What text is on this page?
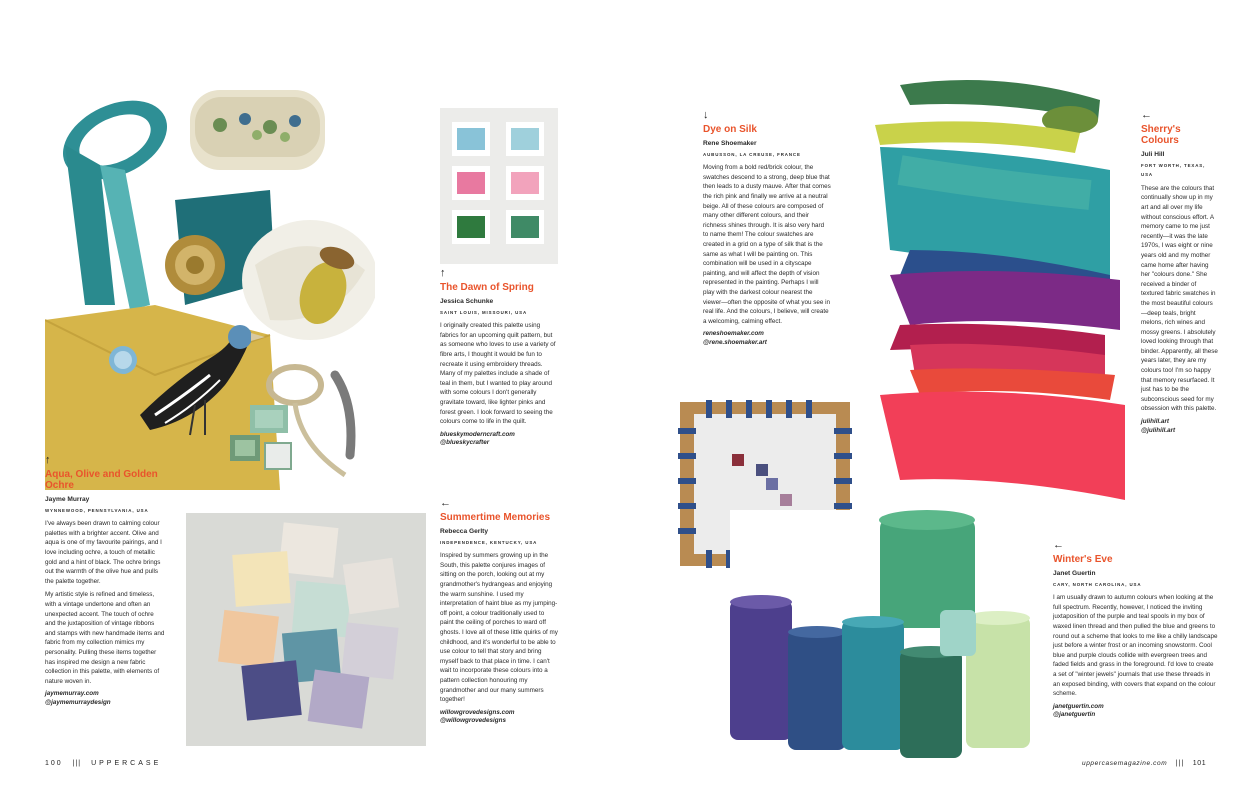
↑
Aqua, Olive and Golden Ochre
Jayme Murray
WYNNEWOOD, PENNSYLVANIA, USA

I've always been drawn to calming colour palettes with a brighter accent. Olive and aqua is one of my favourite pairings, and I love including ochre, a touch of metallic gold and a hint of black. The ochre brings out the warmth of the olive hue and pulls the palette together.

My artistic style is refined and timeless, with a vintage undertone and often an unexpected accent. The touch of ochre and the juxtaposition of vintage ribbons and stamps with new handmade items and fabric from my collection mimics my personality. Pulling these items together has inspired me design a new fabric collection in this palette, with elements of nature woven in.

jaymemurray.com
@jaymemurraydesign
↑
The Dawn of Spring
Jessica Schunke
SAINT LOUIS, MISSOURI, USA

I originally created this palette using fabrics for an upcoming quilt pattern, but as someone who loves to use a variety of fibre arts, I thought it would be fun to recreate it using embroidery threads. Many of my palettes include a shade of teal in them, but I wanted to play around with some colours I don't generally gravitate toward, like lighter pinks and forest green. I look forward to seeing the colours come to life in the quilt.

blueskymoderncraft.com
@blueskycrafter
←
Summertime Memories
Rebecca Gerlty
INDEPENDENCE, KENTUCKY, USA

Inspired by summers growing up in the South, this palette conjures images of sitting on the porch, looking out at my grandmother's hydrangeas and enjoying the warm sunshine. I used my interpretation of haint blue as my jumping-off point, a colour traditionally used to paint the ceiling of porches to ward off ghosts. I love all of these little quirks of my childhood, and it's wonderful to be able to use colour to tell that story and bring myself back to that place in time. I can't wait to incorporate these colours into a pattern collection honouring my grandmother and our many summers together!

willowgrovedesigns.com
@willowgrovedesigns
100 ||| UPPERCASE
↓
Dye on Silk
Rene Shoemaker
AUBUSSON, LA CREUSE, FRANCE

Moving from a bold red/brick colour, the swatches descend to a strong, deep blue that then leads to a dusty mauve. After that comes the rich pink and finally we arrive at a neutral beige. All of these colours are composed of many other different colours, and their richness shines through. It is also very hard to name them! The colour swatches are created in a grid on a type of silk that is the same as what I will be painting on. This combination will be used in a cityscape painting, and will affect the depth of vision represented in the painting. Perhaps I will play with the darkest colour nearest the viewer—often the opposite of what you see in real life. And the colours, I believe, will create a welcoming, calming effect.

reneshoemaker.com
@rene.shoemaker.art
←
Sherry's Colours
Juli Hill
FORT WORTH, TEXAS, USA

These are the colours that continually show up in my art and all over my life without conscious effort. A memory came to me just recently—it was the late 1970s, I was eight or nine years old and my mother came home after having her "colours done." She received a binder of textured fabric swatches in the most beautiful colours—deep teals, bright melons, rich wines and mossy greens. I absolutely loved looking through that binder. Apparently, all these years later, they are my colours too! I'm so happy that memory resurfaced. It just has to be the subconscious seed for my obsession with this palette.

julihill.art
@julihill.art
←
Winter's Eve
Janet Guertin
CARY, NORTH CAROLINA, USA

I am usually drawn to autumn colours when looking at the full spectrum. Recently, however, I noticed the inviting juxtaposition of the purple and teal spools in my box of waxed linen thread and then pulled the blue and greens to round out a scheme that looks to me like a chilly landscape just before a winter frost or an incoming snowstorm. Cool blue and purple clouds collide with evergreen trees and faded fields and grass in the foreground. I'd love to create a set of "winter jewels" journals that use these threads in an exposed binding, with covers that expand on the colour scheme.

janetguertin.com
@janetguertin
uppercasemagazine.com ||| 101
